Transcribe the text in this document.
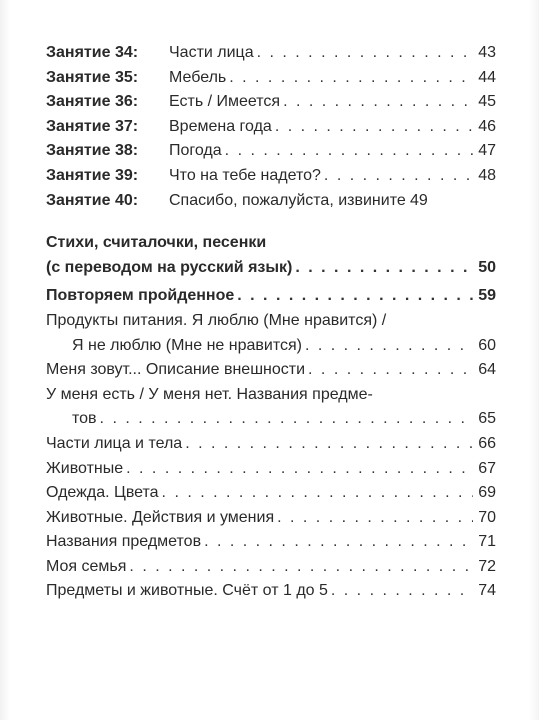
Занятие 34:	Части лица . . .	43
Занятие 35:	Мебель . . .	44
Занятие 36:	Есть / Имеется . . .	45
Занятие 37:	Времена года . . .	46
Занятие 38:	Погода . . .	47
Занятие 39:	Что на тебе надето? . . .	48
Занятие 40:	Спасибо, пожалуйста, извините 49
Стихи, считалочки, песенки
(с переводом на русский язык) . . .	50
Повторяем пройденное . . .	59
Продукты питания. Я люблю (Мне нравится) /
Я не люблю (Мне не нравится) . . .	60
Меня зовут... Описание внешности . . .	64
У меня есть / У меня нет. Названия предме-
тов . . .	65
Части лица и тела . . .	66
Животные . . .	67
Одежда. Цвета . . .	69
Животные. Действия и умения . . .	70
Названия предметов . . .	71
Моя семья . . .	72
Предметы и животные. Счёт от 1 до 5 . . .	74
